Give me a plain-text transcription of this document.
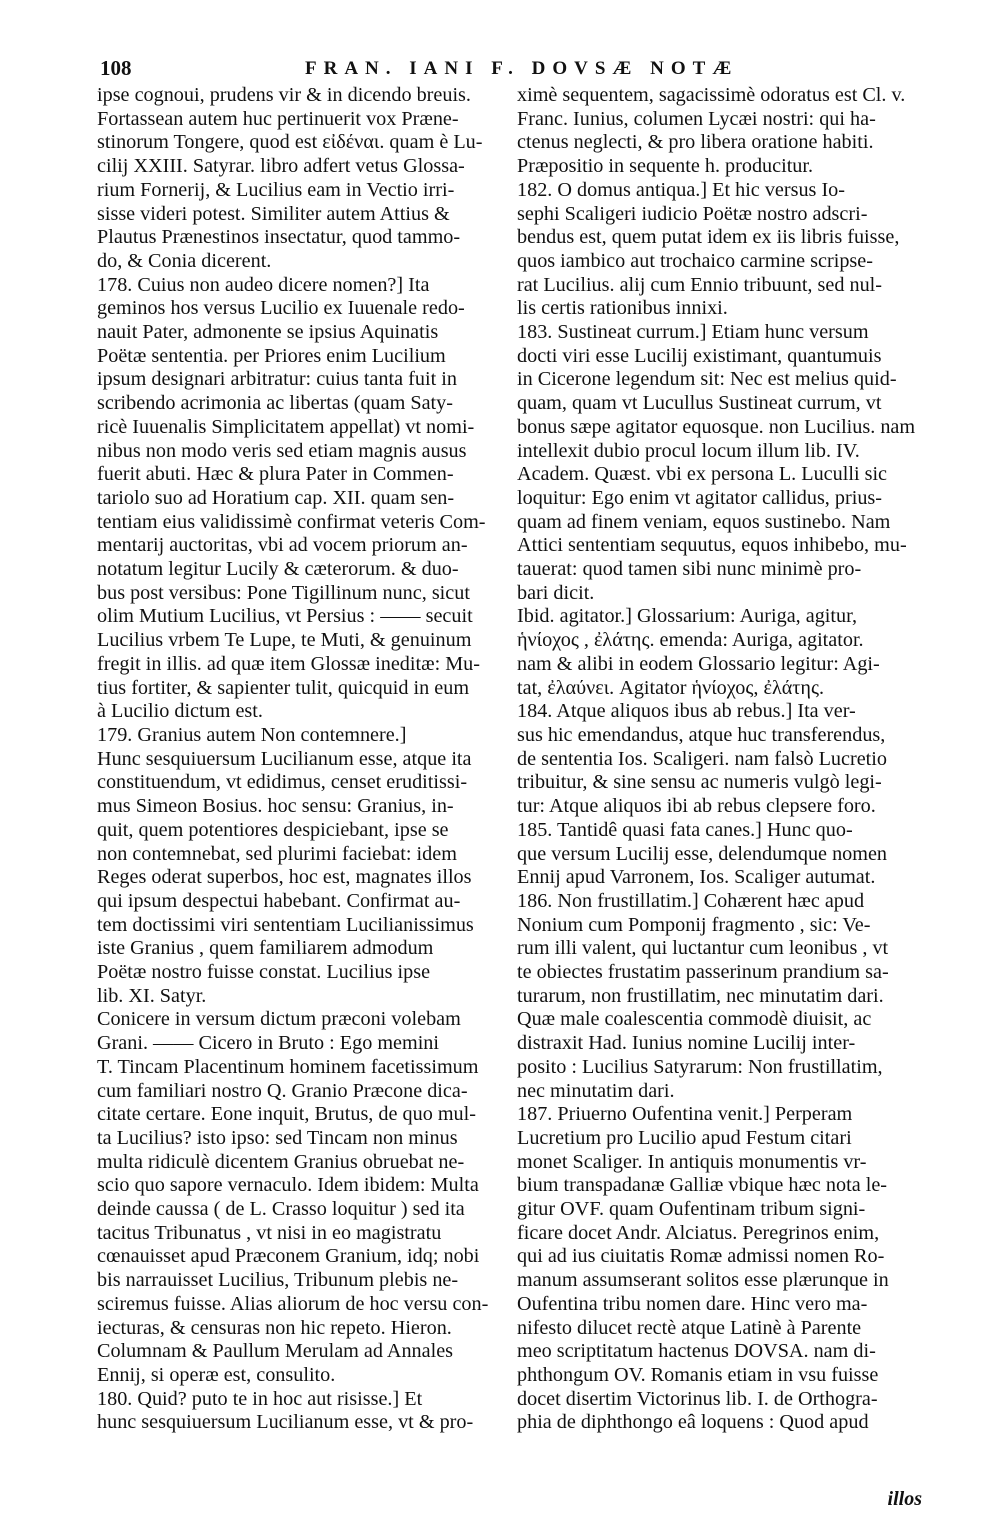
108	FRAN. IANI F. DOVSÆ NOTÆ
ipse cognoui, prudens vir & in dicendo breuis.
Fortassean autem huc pertinuerit vox Præne-
stinorum Tongere, quod est εἰδέναι. quam è Lu-
cilij XXIII. Satyrar. libro adfert vetus Glossa-
rium Fornerij, & Lucilius eam in Vectio irri-
sisse videri potest. Similiter autem Attius &
Plautus Prænestinos insectatur, quod tammo-
do, & Conia dicerent.
178. Cuius non audeo dicere nomen?] Ita
geminos hos versus Lucilio ex Iuuenale redo-
nauit Pater, admonente se ipsius Aquinatis
Poëtæ sententia. per Priores enim Lucilium
ipsum designari arbitratur: cuius tanta fuit in
scribendo acrimonia ac libertas (quam Saty-
ricè Iuuenalis Simplicitatem appellat) vt nomi-
nibus non modo veris sed etiam magnis ausus
fuerit abuti. Hæc & plura Pater in Commen-
tariolo suo ad Horatium cap. XII. quam sen-
tentiam eius validissimè confirmat veteris Com-
mentarij auctoritas, vbi ad vocem priorum an-
notatum legitur Lucily & cæterorum. & duo-
bus post versibus: Pone Tigillinum nunc, sicut
olim Mutium Lucilius, vt Persius : —— secuit
Lucilius vrbem Te Lupe, te Muti, & genuinum
fregit in illis. ad quæ item Glossæ ineditæ: Mu-
tius fortiter, & sapienter tulit, quicquid in eum
à Lucilio dictum est.
179. Granius autem Non contemnere.]
Hunc sesquiuersum Lucilianum esse, atque ita
constituendum, vt edidimus, censet eruditissi-
mus Simeon Bosius. hoc sensu: Granius, in-
quit, quem potentiores despiciebant, ipse se
non contemnebat, sed plurimi faciebat: idem
Reges oderat superbos, hoc est, magnates illos
qui ipsum despectui habebant. Confirmat au-
tem doctissimi viri sententiam Lucilianissimus
iste Granius , quem familiarem admodum
Poëtæ nostro fuisse constat. Lucilius ipse
lib. XI. Satyr.
Conicere in versum dictum præconi volebam
Grani. —— Cicero in Bruto : Ego memini
T. Tincam Placentinum hominem facetissimum
cum familiari nostro Q. Granio Præcone dica-
citate certare. Eone inquit, Brutus, de quo mul-
ta Lucilius? isto ipso: sed Tincam non minus
multa ridiculè dicentem Granius obruebat ne-
scio quo sapore vernaculo. Idem ibidem: Multa
deinde caussa ( de L. Crasso loquitur ) sed ita
tacitus Tribunatus , vt nisi in eo magistratu
cœnauisset apud Præconem Granium, idq; nobi
bis narrauisset Lucilius, Tribunum plebis ne-
sciremus fuisse. Alias aliorum de hoc versu con-
iecturas, & censuras non hic repeto. Hieron.
Columnam & Paullum Merulam ad Annales
Ennij, si operæ est, consulito.
180. Quid? puto te in hoc aut risisse.] Et
hunc sesquiuersum Lucilianum esse, vt & pro-
ximè sequentem, sagacissimè odoratus est Cl. v.
Franc. Iunius, columen Lycæi nostri: qui ha-
ctenus neglecti, & pro libera oratione habiti.
Præpositio in sequente h. producitur.
182. O domus antiqua.] Et hic versus Io-
sephi Scaligeri iudicio Poëtæ nostro adscri-
bendus est, quem putat idem ex iis libris fuisse,
quos iambico aut trochaico carmine scripse-
rat Lucilius. alij cum Ennio tribuunt, sed nul-
lis certis rationibus innixi.
183. Sustineat currum.] Etiam hunc versum
docti viri esse Lucilij existimant, quantumuis
in Cicerone legendum sit: Nec est melius quid-
quam, quam vt Lucullus Sustineat currum, vt
bonus sæpe agitator equosque. non Lucilius. nam
intellexit dubio procul locum illum lib. IV.
Academ. Quæst. vbi ex persona L. Luculli sic
loquitur: Ego enim vt agitator callidus, prius-
quam ad finem veniam, equos sustinebo. Nam
Attici sententiam sequutus, equos inhibebo, mu-
tauerat: quod tamen sibi nunc minimè pro-
bari dicit.
Ibid. agitator.] Glossarium: Auriga, agitur,
ἡνίοχος , ἐλάτης. emenda: Auriga, agitator.
nam & alibi in eodem Glossario legitur: Agi-
tat, ἐλαύνει. Agitator ἡνίοχος, ἐλάτης.
184. Atque aliquos ibus ab rebus.] Ita ver-
sus hic emendandus, atque huc transferendus,
de sententia Ios. Scaligeri. nam falsò Lucretio
tribuitur, & sine sensu ac numeris vulgò legi-
tur: Atque aliquos ibi ab rebus clepsere foro.
185. Tantidê quasi fata canes.] Hunc quo-
que versum Lucilij esse, delendumque nomen
Ennij apud Varronem, Ios. Scaliger autumat.
186. Non frustillatim.] Cohærent hæc apud
Nonium cum Pomponij fragmento , sic: Ve-
rum illi valent, qui luctantur cum leonibus , vt
te obiectes frustatim passerinum prandium sa-
turarum, non frustillatim, nec minutatim dari.
Quæ male coalescentia commodè diuisit, ac
distraxit Had. Iunius nomine Lucilij inter-
posito : Lucilius Satyrarum: Non frustillatim,
nec minutatim dari.
187. Priuerno Oufentina venit.] Perperam
Lucretium pro Lucilio apud Festum citari
monet Scaliger. In antiquis monumentis vr-
bium transpadanæ Galliæ vbique hæc nota le-
gitur OVF. quam Oufentinam tribum signi-
ficare docet Andr. Alciatus. Peregrinos enim,
qui ad ius ciuitatis Romæ admissi nomen Ro-
manum assumserant solitos esse plærunque in
Oufentina tribu nomen dare. Hinc vero ma-
nifesto dilucet rectè atque Latinè à Parente
meo scriptitatum hactenus DOVSA. nam di-
phthongum OV. Romanis etiam in vsu fuisse
docet disertim Victorinus lib. I. de Orthogra-
phia de diphthongo eâ loquens : Quod apud
illos
